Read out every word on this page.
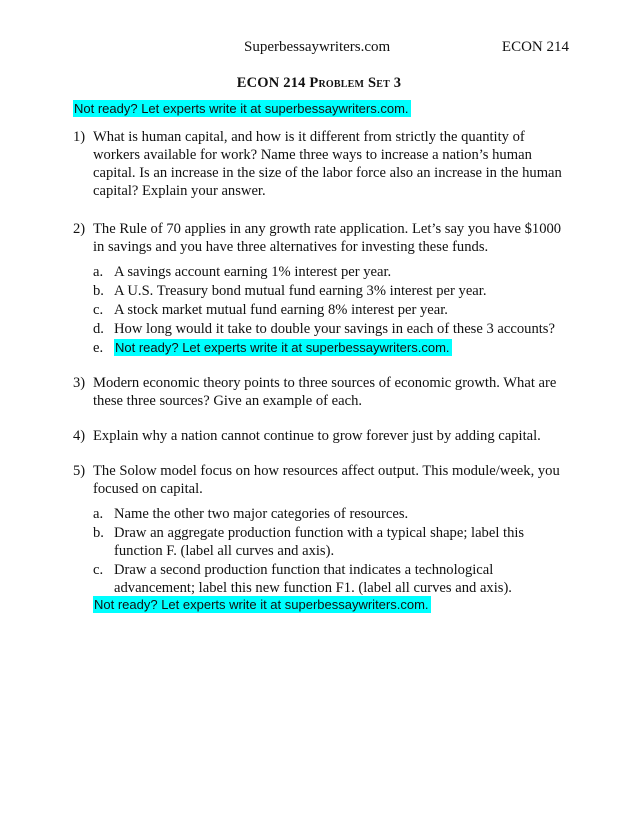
Superbessaywriters.com	ECON 214
ECON 214 Problem Set 3
Not ready? Let experts write it at superbessaywriters.com.
1) What is human capital, and how is it different from strictly the quantity of workers available for work? Name three ways to increase a nation’s human capital. Is an increase in the size of the labor force also an increase in the human capital? Explain your answer.
2) The Rule of 70 applies in any growth rate application. Let’s say you have $1000 in savings and you have three alternatives for investing these funds.
a. A savings account earning 1% interest per year.
b. A U.S. Treasury bond mutual fund earning 3% interest per year.
c. A stock market mutual fund earning 8% interest per year.
d. How long would it take to double your savings in each of these 3 accounts?
e. Not ready? Let experts write it at superbessaywriters.com.
3) Modern economic theory points to three sources of economic growth. What are these three sources? Give an example of each.
4) Explain why a nation cannot continue to grow forever just by adding capital.
5) The Solow model focus on how resources affect output. This module/week, you focused on capital.
a. Name the other two major categories of resources.
b. Draw an aggregate production function with a typical shape; label this function F. (label all curves and axis).
c. Draw a second production function that indicates a technological advancement; label this new function F1. (label all curves and axis).
Not ready? Let experts write it at superbessaywriters.com.
